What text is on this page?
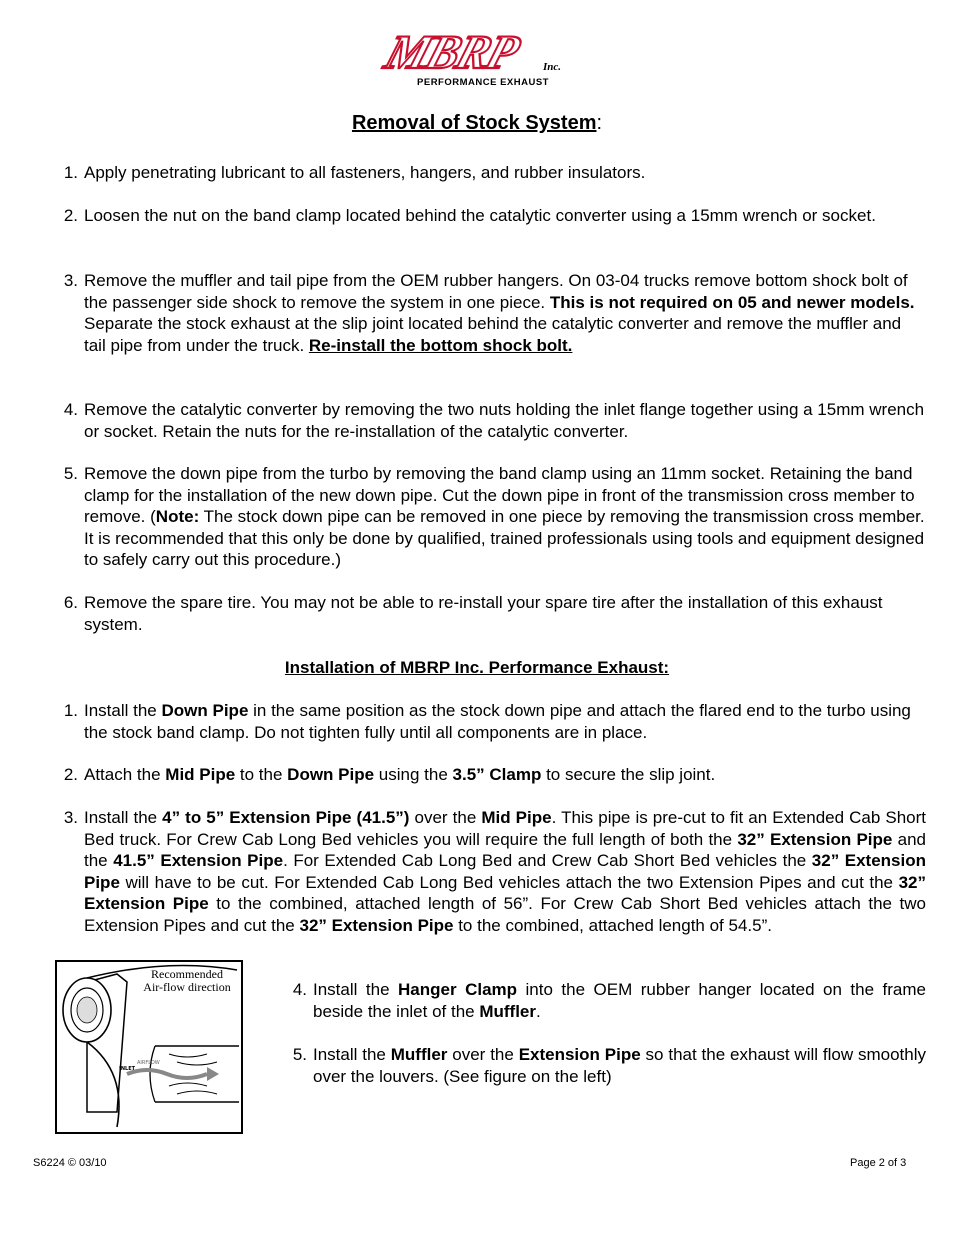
MBRP Inc.
PERFORMANCE EXHAUST
Removal of Stock System:
1. Apply penetrating lubricant to all fasteners, hangers, and rubber insulators.
2. Loosen the nut on the band clamp located behind the catalytic converter using a 15mm wrench or socket.
3. Remove the muffler and tail pipe from the OEM rubber hangers. On 03-04 trucks remove bottom shock bolt of the passenger side shock to remove the system in one piece. This is not required on 05 and newer models. Separate the stock exhaust at the slip joint located behind the catalytic converter and remove the muffler and tail pipe from under the truck. Re-install the bottom shock bolt.
4. Remove the catalytic converter by removing the two nuts holding the inlet flange together using a 15mm wrench or socket. Retain the nuts for the re-installation of the catalytic converter.
5. Remove the down pipe from the turbo by removing the band clamp using an 11mm socket. Retaining the band clamp for the installation of the new down pipe. Cut the down pipe in front of the transmission cross member to remove. (Note: The stock down pipe can be removed in one piece by removing the transmission cross member. It is recommended that this only be done by qualified, trained professionals using tools and equipment designed to safely carry out this procedure.)
6. Remove the spare tire. You may not be able to re-install your spare tire after the installation of this exhaust system.
Installation of MBRP Inc. Performance Exhaust:
1. Install the Down Pipe in the same position as the stock down pipe and attach the flared end to the turbo using the stock band clamp. Do not tighten fully until all components are in place.
2. Attach the Mid Pipe to the Down Pipe using the 3.5” Clamp to secure the slip joint.
3. Install the 4” to 5” Extension Pipe (41.5”) over the Mid Pipe. This pipe is pre-cut to fit an Extended Cab Short Bed truck. For Crew Cab Long Bed vehicles you will require the full length of both the 32” Extension Pipe and the 41.5” Extension Pipe. For Extended Cab Long Bed and Crew Cab Short Bed vehicles the 32” Extension Pipe will have to be cut. For Extended Cab Long Bed vehicles attach the two Extension Pipes and cut the 32” Extension Pipe to the combined, attached length of 56”. For Crew Cab Short Bed vehicles attach the two Extension Pipes and cut the 32” Extension Pipe to the combined, attached length of 54.5”.
Recommended
Air-flow direction
INLET
AIRFLOW
4. Install the Hanger Clamp into the OEM rubber hanger located on the frame beside the inlet of the Muffler.
5. Install the Muffler over the Extension Pipe so that the exhaust will flow smoothly over the louvers. (See figure on the left)
S6224 © 03/10	Page 2 of 3
